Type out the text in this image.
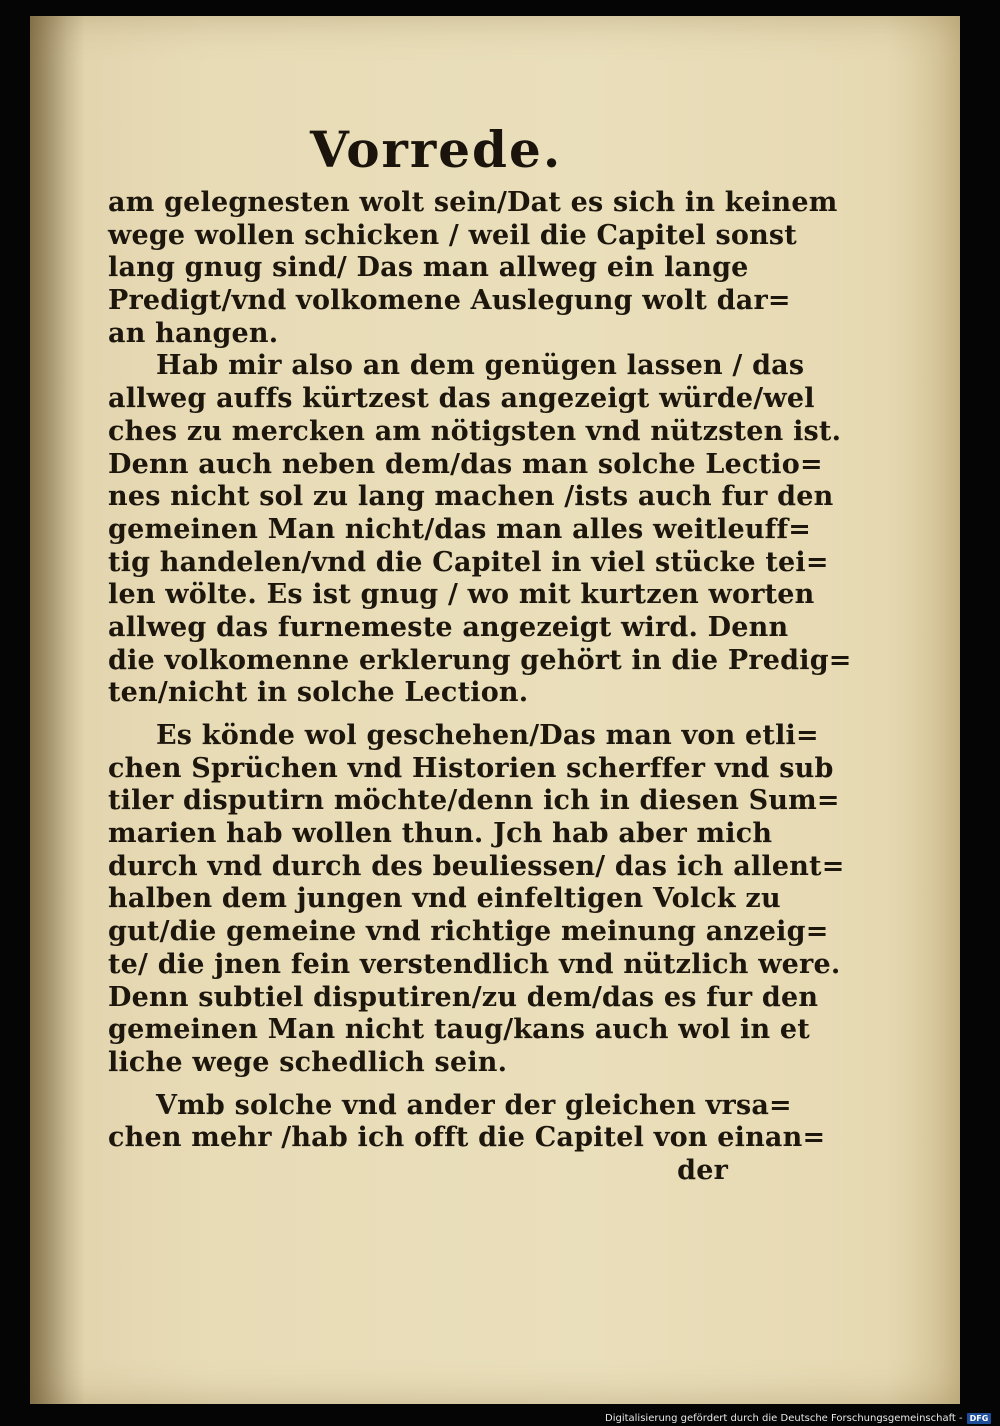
Vorrede.
am gelegnesten wolt sein/Dat es sich in keinem
wege wollen schicken / weil die Capitel sonst
lang gnug sind/ Das man allweg ein lange
Predigt/vnd volkomene Auslegung wolt dar=
an hangen.
Hab mir also an dem genügen lassen / das
allweg auffs kürtzest das angezeigt würde/wel
ches zu mercken am nötigsten vnd nützsten ist.
Denn auch neben dem/das man solche Lectio=
nes nicht sol zu lang machen /ists auch fur den
gemeinen Man nicht/das man alles weitleuff=
tig handelen/vnd die Capitel in viel stücke tei=
len wölte. Es ist gnug / wo mit kurtzen worten
allweg das furnemeste angezeigt wird. Denn
die volkomenne erklerung gehört in die Predig=
ten/nicht in solche Lection.
Es könde wol geschehen/Das man von etli=
chen Sprüchen vnd Historien scherffer vnd sub
tiler disputirn möchte/denn ich in diesen Sum=
marien hab wollen thun. Jch hab aber mich
durch vnd durch des beuliessen/ das ich allent=
halben dem jungen vnd einfeltigen Volck zu
gut/die gemeine vnd richtige meinung anzeig=
te/ die jnen fein verstendlich vnd nützlich were.
Denn subtiel disputiren/zu dem/das es fur den
gemeinen Man nicht taug/kans auch wol in et
liche wege schedlich sein.
Vmb solche vnd ander der gleichen vrsa=
chen mehr /hab ich offt die Capitel von einan=
der
Digitalisierung gefördert durch die Deutsche Forschungsgemeinschaft - DFG
